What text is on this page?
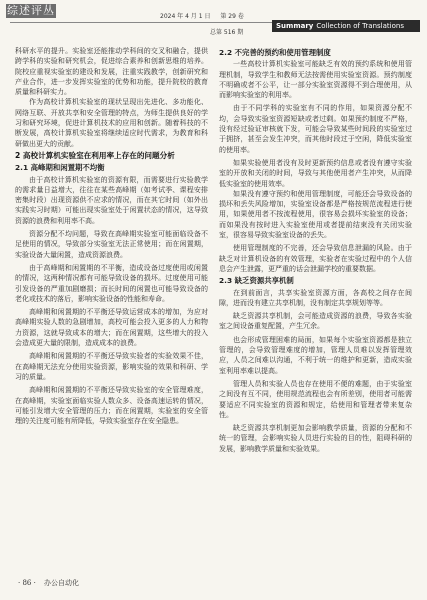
综述评丛	2024 年 4 月 1 日 第 29 卷
总第 516 期
Summary Collection of Translations

科研水平的提升。实验室还能推动学科间的交叉和融合，提供跨学科的实验和研究机会，促进综合素养和创新思维的培养。院校应重视实验室的建设和发展，注重实践教学，创新研究和产业合作，进一步发挥实验室的优势和功能，提升院校的教育质量和科研实力。

作为高校计算机实验室的现状呈现出先进化、多功能化、网络互联、开放共享和安全管理的特点，为师生提供良好的学习和研究环境，促进计算机技术的应用和创新。随着科技的不断发展，高校计算机实验室将继续适应时代需求，为教育和科研做出更大的贡献。

2 高校计算机实验室在利用率上存在的问题分析
2.1 高峰期和闲置期不均衡

由于高校计算机实验室的资源有限，而需要进行实验教学的需求量日益增大，往往在某些高峰期（如考试季、课程安排密集时段）出现资源供不应求的情况，而在其它时间（如外出实践实习时期）可能出现实验室处于闲置状态的情况，这导致资源的浪费和利用率不高。

资源分配不均问题，导致在高峰期实验室可能面临设备不足使用的情况，导致部分实验室无法正常使用；而在闲置期，实验设备大量闲置，造成资源浪费。

由于高峰期和闲置期的不平衡，造成设备过度使用或闲置的情况，这两种情况都有可能导致设备的损坏。过度使用可能引发设备的严重加剧磨损；而长时间的闲置也可能导致设备的老化或技术的落后，影响实验设备的性能和寿命。

高峰期和闲置期的不平衡还导致运营成本的增加，为应对高峰期实验人数的急剧增加，高校可能会投入更多的人力和物力资源，这就导致成本的增大；而在闲置期，这些增大的投入会造成更大量的限制，造成成本的浪费。

高峰期和闲置期的不平衡还导致实验者的实验效果不佳，在高峰期无法充分使用实验资源，影响实验的效果和科研、学习的质量。

高峰期和闲置期的不平衡还导致实验室的安全管理难度，在高峰期，实验室面临实验人数众多、设备高速运转的情况，可能引发增大安全管理的压力；而在闲置期，实验室的安全管理的关注度可能有所降低，导致实验室存在安全隐患。

2.2 不完善的预约和使用管理制度

一些高校计算机实验室可能缺乏有效的预约系统和使用管理机制，导致学生和教师无法按需使用实验室资源。预约制度不明确或者不公平，让一部分实验室资源得不到合理使用，从而影响实验室的利用率。

由于不同学科的实验室有不同的作用，如果资源分配不均，会导致实验室资源短缺或者过剩。如果预约制度不严格，没有经过验证审核就下发，可能会导致某些时间段的实验室过于拥挤，甚至会发生冲突，而其他时段过于空闲，降低实验室的使用率。

如果实验使用者没有及时更新预约信息或者没有遵守实验室的开放和关闭的时间，导致与其他使用者产生冲突，从而降低实验室的使用效率。

如果没有遵守预约和使用管理制度，可能还会导致设备的损坏和丢失风险增加，实验室设备都是严格按规范流程进行使用，如果使用者不按流程使用，很容易会损坏实验室的设备；而如果没有按时进入实验室使用或者提前结束没有关闭实验室，很容易导致实验室设备的丢失。

使用管理制度的不完善，还会导致信息泄漏的风险。由于缺乏对计算机设备的有效管理，实验者在实验过程中的个人信息会产生泄露，更严重的话会泄漏学校的重要数据。

2.3 缺乏资源共享机制

在到前面言，共享实验室资源方面，各高校之间存在间隙，进而没有建立共享机制，没有制定共享规划等等。

缺乏资源共享机制，会可能造成资源的浪费，导致各实验室之间设备重复配置，产生冗余。

也会形成管理困难的局面，如果每个实验室资源都是独立管理的，会导致管理难度的增加，管理人员难以发挥管理效应，人员之间难以沟通，不利于统一的维护和更新，造成实验室利用率难以提高。

管理人员和实验人员也存在使用不便的难题，由于实验室之间没有互不同，使用规范流程也会有所差别，使用者可能需要适应不同实验室的资源和规定，给使用和管理者带来复杂性。

缺乏资源共享机制更加会影响教学质量，资源的分配和不统一的管理，会影响实验人员进行实验的目的性，阻碍科研的发展，影响教学质量和实验效果。

· 86 · 办公自动化
